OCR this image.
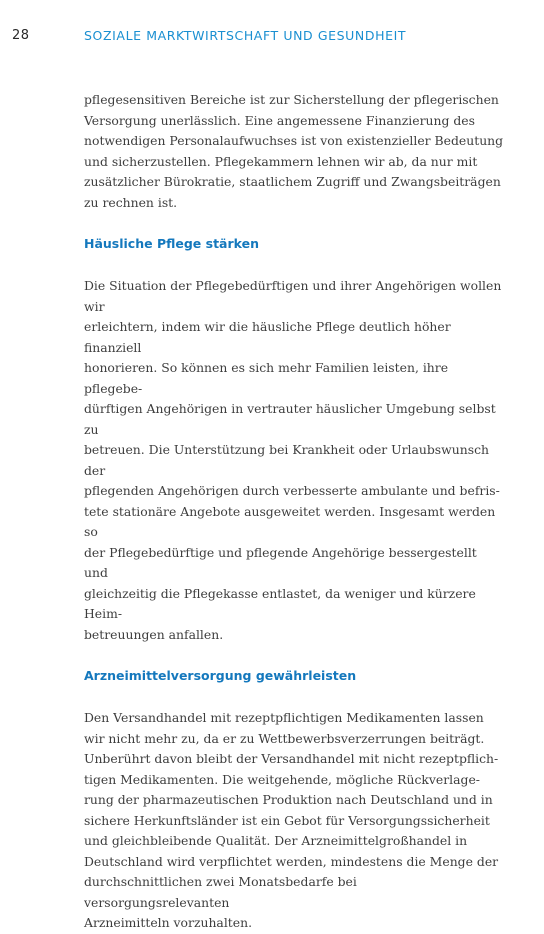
28	SOZIALE MARKTWIRTSCHAFT UND GESUNDHEIT

pflegesensitiven Bereiche ist zur Sicherstellung der pflegerischen
Versorgung unerlässlich. Eine angemessene Finanzierung des
notwendigen Personalaufwuchses ist von existenzieller Bedeutung
und sicherzustellen. Pflegekammern lehnen wir ab, da nur mit
zusätzlicher Bürokratie, staatlichem Zugriff und Zwangsbeiträgen
zu rechnen ist.

Häusliche Pflege stärken

Die Situation der Pflegebedürftigen und ihrer Angehörigen wollen wir
erleichtern, indem wir die häusliche Pflege deutlich höher finanziell
honorieren. So können es sich mehr Familien leisten, ihre pflegebe-
dürftigen Angehörigen in vertrauter häuslicher Umgebung selbst zu
betreuen. Die Unterstützung bei Krankheit oder Urlaubswunsch der
pflegenden Angehörigen durch verbesserte ambulante und befris-
tete stationäre Angebote ausgeweitet werden. Insgesamt werden so
der Pflegebedürftige und pflegende Angehörige bessergestellt und
gleichzeitig die Pflegekasse entlastet, da weniger und kürzere Heim-
betreuungen anfallen.

Arzneimittelversorgung gewährleisten

Den Versandhandel mit rezeptpflichtigen Medikamenten lassen
wir nicht mehr zu, da er zu Wettbewerbsverzerrungen beiträgt.
Unberührt davon bleibt der Versandhandel mit nicht rezeptpflich-
tigen Medikamenten. Die weitgehende, mögliche Rückverlage-
rung der pharmazeutischen Produktion nach Deutschland und in
sichere Herkunftsländer ist ein Gebot für Versorgungssicherheit
und gleichbleibende Qualität. Der Arzneimittelgroßhandel in
Deutschland wird verpflichtet werden, mindestens die Menge der
durchschnittlichen zwei Monatsbedarfe bei versorgungsrelevanten
Arzneimitteln vorzuhalten.
